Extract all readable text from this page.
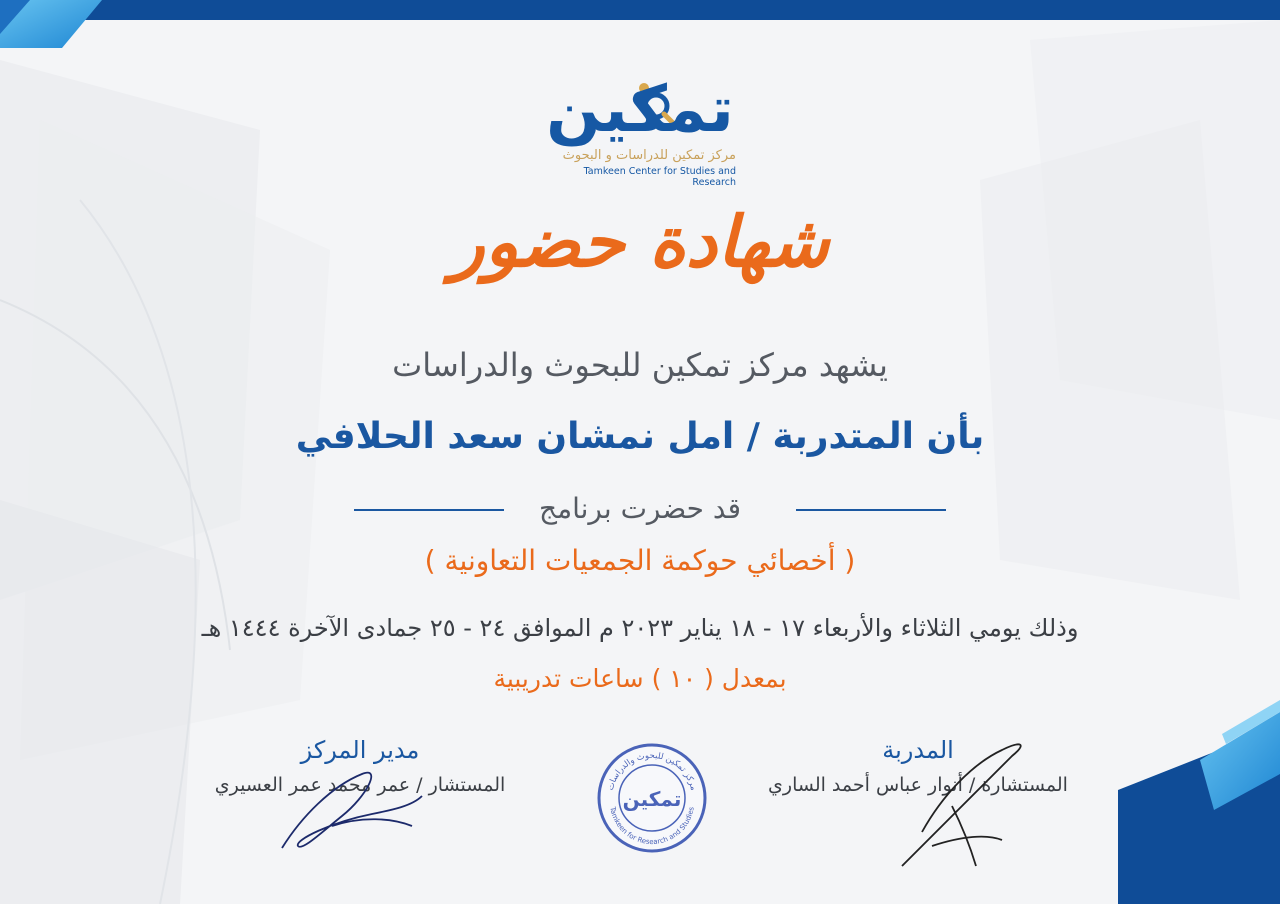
تمكين
مركز تمكين للدراسات و البحوث
Tamkeen Center for Studies and Research
شهادة حضور
يشهد مركز تمكين للبحوث والدراسات
بأن المتدربة / امل نمشان سعد الحلافي
قد حضرت برنامج
( أخصائي حوكمة الجمعيات التعاونية )
وذلك يومي الثلاثاء والأربعاء ١٧ - ١٨ يناير ٢٠٢٣ م الموافق ٢٤ - ٢٥ جمادى الآخرة ١٤٤٤ هـ
بمعدل ( ١٠ ) ساعات تدريبية
مدير المركز
المستشار / عمر محمد عمر العسيري
المدربة
المستشارة / أنوار عباس أحمد الساري
مركز تمكين للبحوث والدراسات
Tamkeen for Research and Studies
تمكين
